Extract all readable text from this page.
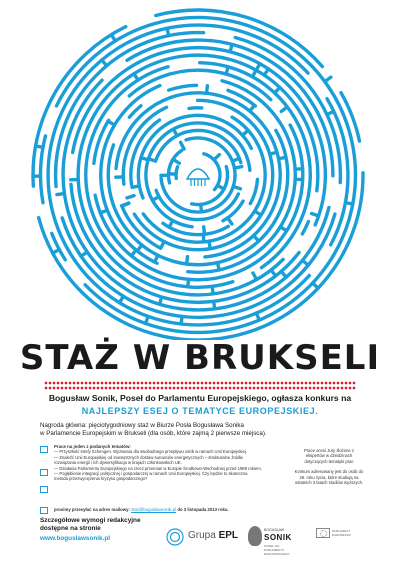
STAŻ W BRUKSELI
Bogusław Sonik, Poseł do Parlamentu Europejskiego, ogłasza konkurs na
NAJLEPSZY ESEJ O TEMATYCE EUROPEJSKIEJ.
Nagroda główna: pięciotygodniowy staż w Biurze Posła Bogusława Sonika
w Parlamencie Europejskim w Brukseli (dla osób, które zajmą 2 pierwsze miejsca).
Prace na jeden z podanych tematów:
— Przyszłość strefy Schengen. Wyzwania dla swobodnego przepływu osób w ramach Unii Europejskiej.
— Znaleźć Unii Europejskiej od zewnętrznych dostaw surowców energetycznych – strukturalne źródła
rozwiązania energii i ich dywersyfikacja w krajach członkowskich UE.
— Działania Parlamentu Europejskiego na rzecz przemian w Europie Środkowo-Wschodniej przed 1989 rokiem.
— Pogłębienie integracji politycznej i gospodarczej w ramach Unii Europejskiej. Czy będzie to skuteczna
metoda przezwyciężenia kryzysu gospodarczego?
prosimy przesyłać na adres mailowy: staz@boguslawsonik.pl do 3 listopada 2013 roku.

Prace oceni Jury złożone z ekspertów w dziedzinach dotyczących tematyki prac

Konkurs adresowany jest do osób do 26. roku życia, które studiują na ostatnich 3 latach studiów wyższych.

Szczegółowe wymogi redakcyjne
dostępne na stronie
www.boguslawsonik.pl	Grupa EPL	BOGUSŁAW
SONIK
POSEŁ DO PARLAMENTU EUROPEJSKIEGO
PARLAMENT EUROPEJSKI
